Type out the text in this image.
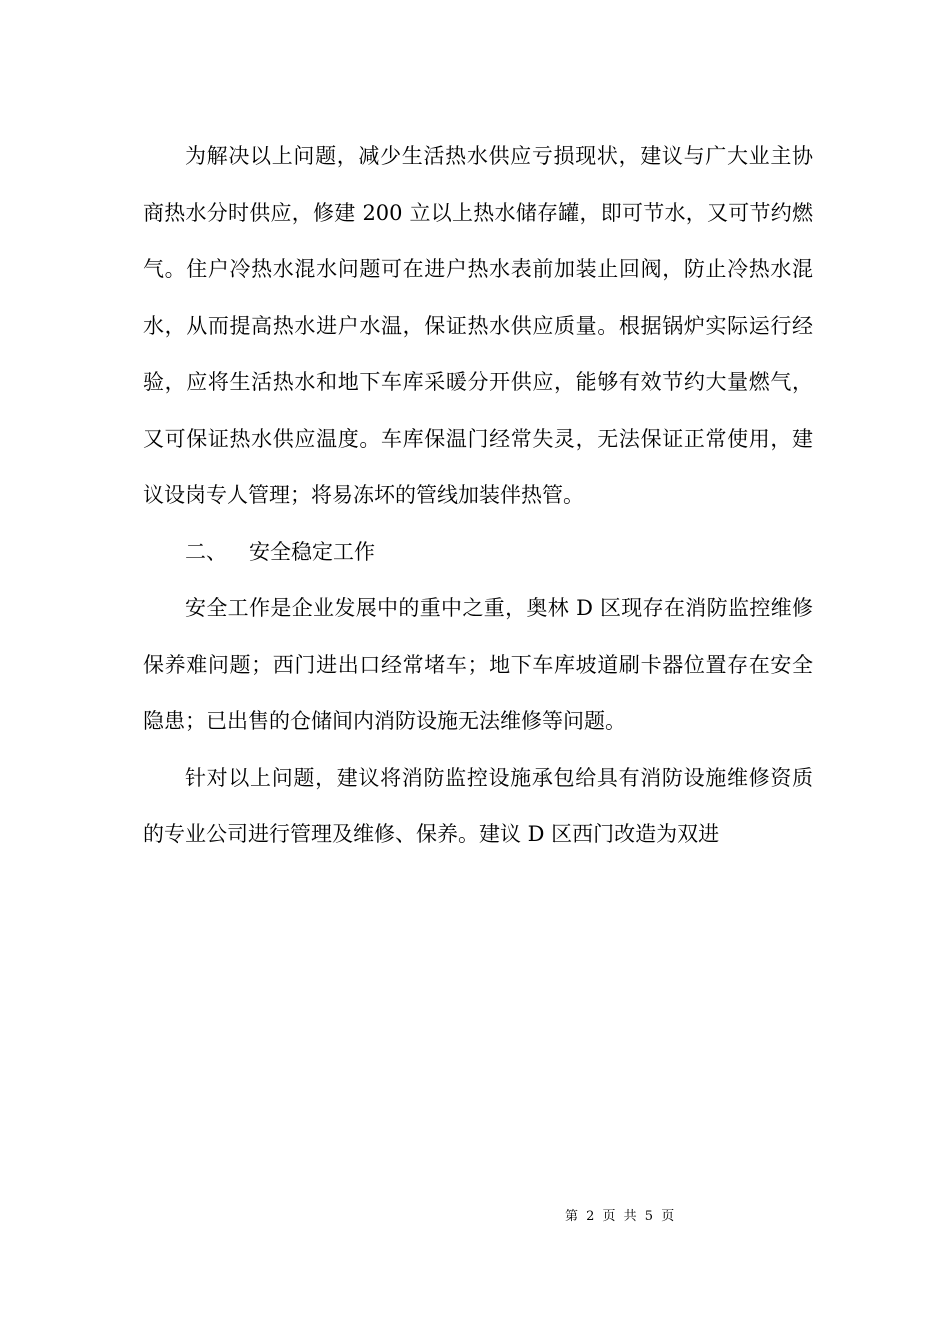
为解决以上问题，减少生活热水供应亏损现状，建议与广大业主协商热水分时供应，修建 200 立以上热水储存罐，即可节水，又可节约燃气。住户冷热水混水问题可在进户热水表前加装止回阀，防止冷热水混水，从而提高热水进户水温，保证热水供应质量。根据锅炉实际运行经验，应将生活热水和地下车库采暖分开供应，能够有效节约大量燃气，又可保证热水供应温度。车库保温门经常失灵，无法保证正常使用，建议设岗专人管理；将易冻坏的管线加装伴热管。

二、 安全稳定工作

安全工作是企业发展中的重中之重，奥林 D 区现存在消防监控维修保养难问题；西门进出口经常堵车；地下车库坡道刷卡器位置存在安全隐患；已出售的仓储间内消防设施无法维修等问题。

针对以上问题，建议将消防监控设施承包给具有消防设施维修资质的专业公司进行管理及维修、保养。建议 D 区西门改造为双进

第 2 页 共 5 页
